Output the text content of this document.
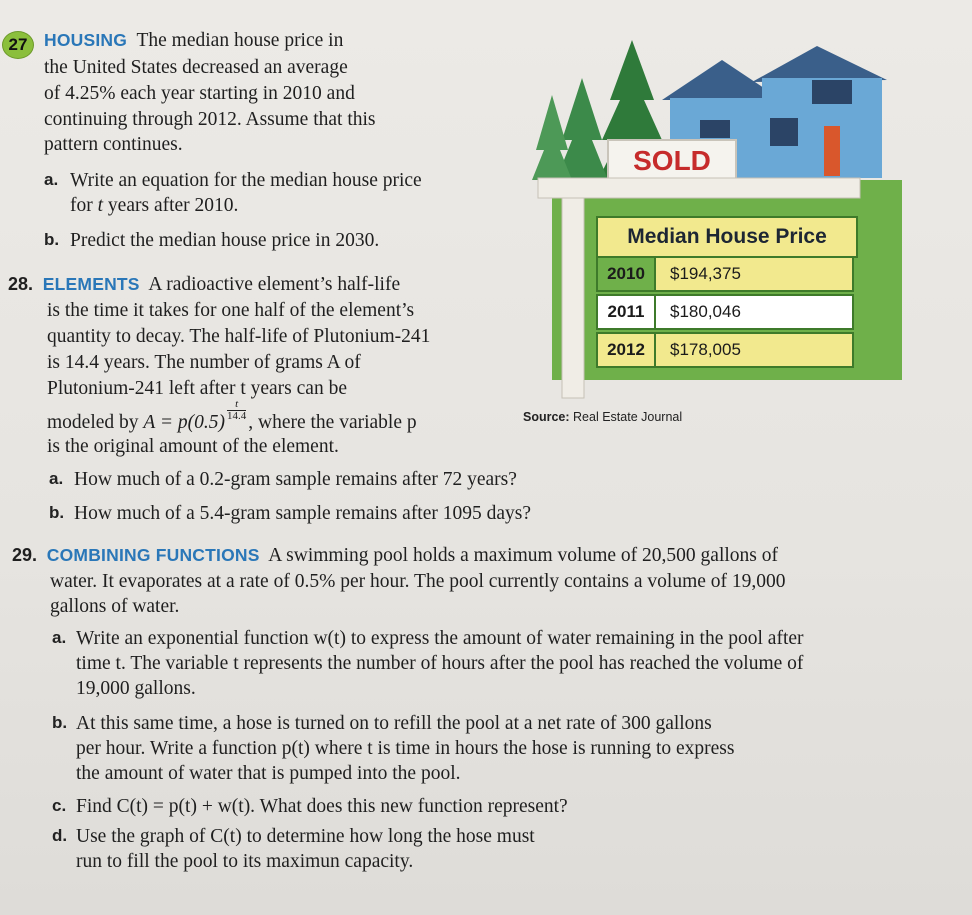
27 HOUSING The median house price in
the United States decreased an average
of 4.25% each year starting in 2010 and
continuing through 2012. Assume that this
pattern continues.
a. Write an equation for the median house price
for t years after 2010.
b. Predict the median house price in 2030.
SOLD
Median House Price
2010	$194,375
2011	$180,046
2012	$178,005
Source: Real Estate Journal
28. ELEMENTS A radioactive element’s half-life
is the time it takes for one half of the element’s
quantity to decay. The half-life of Plutonium-241
is 14.4 years. The number of grams A of
Plutonium-241 left after t years can be
modeled by A = p(0.5)
$\frac{t}{14.4}$
, where the variable p
is the original amount of the element.
a. How much of a 0.2-gram sample remains after 72 years?
b. How much of a 5.4-gram sample remains after 1095 days?
29. COMBINING FUNCTIONS A swimming pool holds a maximum volume of 20,500 gallons of
water. It evaporates at a rate of 0.5% per hour. The pool currently contains a volume of 19,000
gallons of water.
a. Write an exponential function w(t) to express the amount of water remaining in the pool after
time t. The variable t represents the number of hours after the pool has reached the volume of
19,000 gallons.
b. At this same time, a hose is turned on to refill the pool at a net rate of 300 gallons
per hour. Write a function p(t) where t is time in hours the hose is running to express
the amount of water that is pumped into the pool.
c. Find C(t) = p(t) + w(t). What does this new function represent?
d. Use the graph of C(t) to determine how long the hose must
run to fill the pool to its maximun capacity.
